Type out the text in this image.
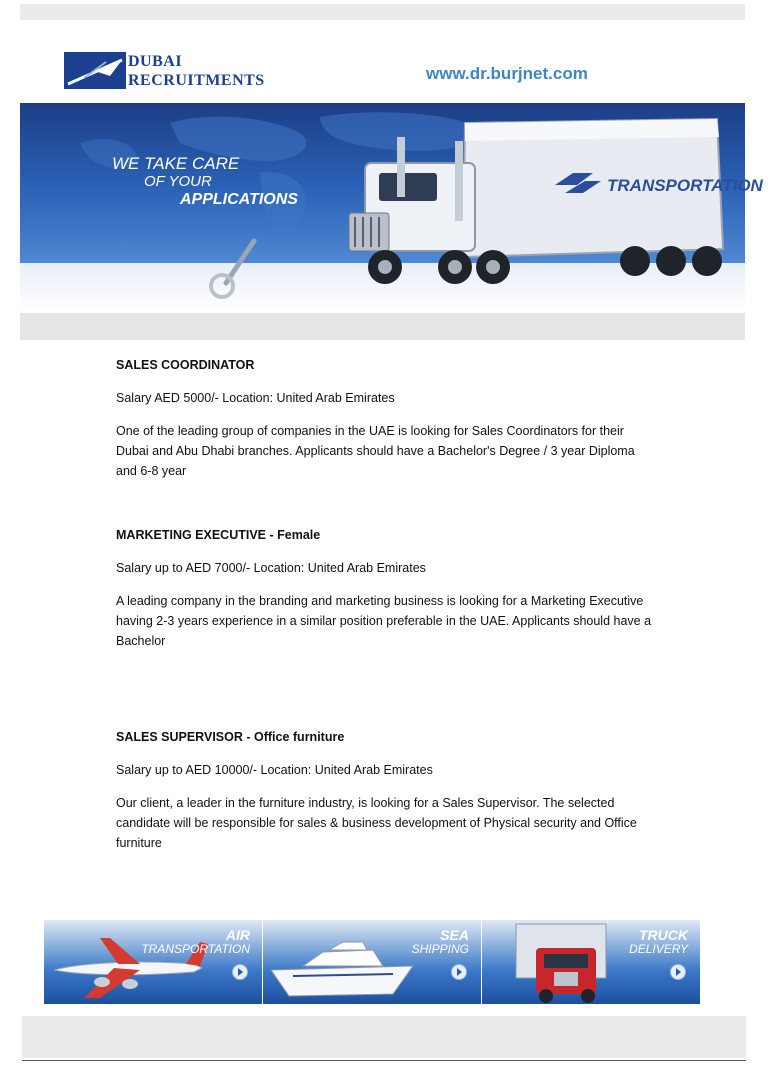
DUBAI
RECRUITMENTS	www.dr.burjnet.com
WE TAKE CARE
OF YOUR
APPLICATIONS
TRANSPORTATION

SALES COORDINATOR

Salary AED 5000/- Location: United Arab Emirates

One of the leading group of companies in the UAE is looking for Sales Coordinators for their Dubai and Abu Dhabi branches. Applicants should have a Bachelor's Degree / 3 year Diploma and 6-8 year

MARKETING EXECUTIVE - Female

Salary up to AED 7000/- Location: United Arab Emirates

A leading company in the branding and marketing business is looking for a Marketing Executive having 2-3 years experience in a similar position preferable in the UAE. Applicants should have a Bachelor

SALES SUPERVISOR - Office furniture

Salary up to AED 10000/- Location: United Arab Emirates

Our client, a leader in the furniture industry, is looking for a Sales Supervisor. The selected candidate will be responsible for sales & business development of Physical security and Office furniture

AIR
TRANSPORTATION
SEA
SHIPPING
TRUCK
DELIVERY
